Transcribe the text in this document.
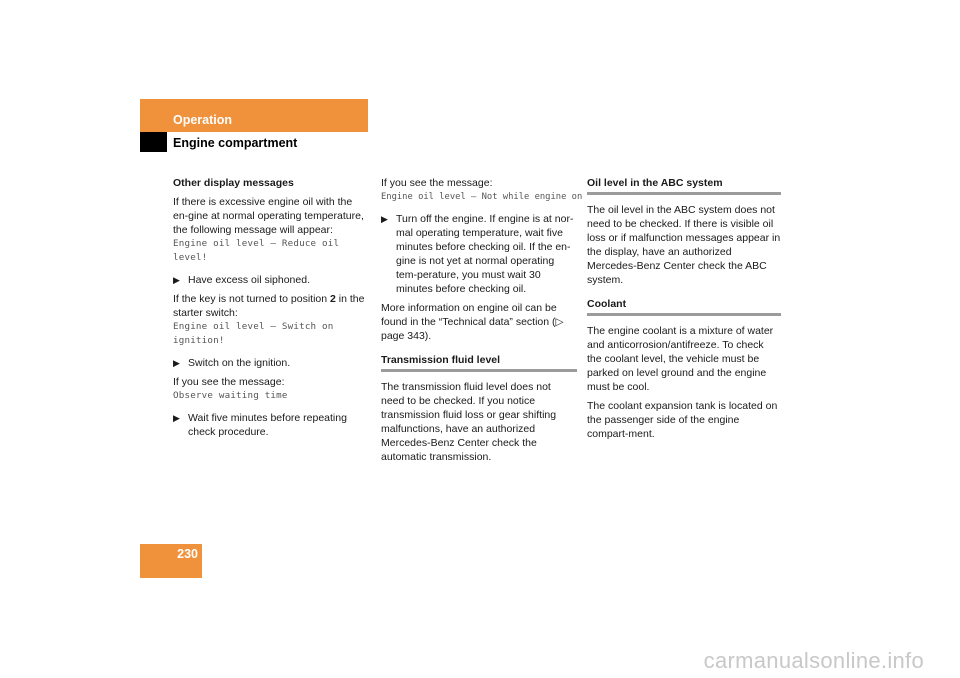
Operation
Engine compartment

Other display messages

If there is excessive engine oil with the en-gine at normal operating temperature, the following message will appear:

Engine oil level – Reduce oil level!

▶ Have excess oil siphoned.

If the key is not turned to position 2 in the starter switch:

Engine oil level – Switch on ignition!

▶ Switch on the ignition.

If you see the message:

Observe waiting time

▶ Wait five minutes before repeating check procedure.

If you see the message:

Engine oil level – Not while engine on

▶ Turn off the engine. If engine is at nor-mal operating temperature, wait five minutes before checking oil. If the en-gine is not yet at normal operating tem-perature, you must wait 30 minutes before checking oil.

More information on engine oil can be found in the “Technical data” section (▷ page 343).

Transmission fluid level

The transmission fluid level does not need to be checked. If you notice transmission fluid loss or gear shifting malfunctions, have an authorized Mercedes-Benz Center check the automatic transmission.

Oil level in the ABC system

The oil level in the ABC system does not need to be checked. If there is visible oil loss or if malfunction messages appear in the display, have an authorized Mercedes-Benz Center check the ABC system.

Coolant

The engine coolant is a mixture of water and anticorrosion/antifreeze. To check the coolant level, the vehicle must be parked on level ground and the engine must be cool.

The coolant expansion tank is located on the passenger side of the engine compart-ment.

230
carmanualsonline.info
